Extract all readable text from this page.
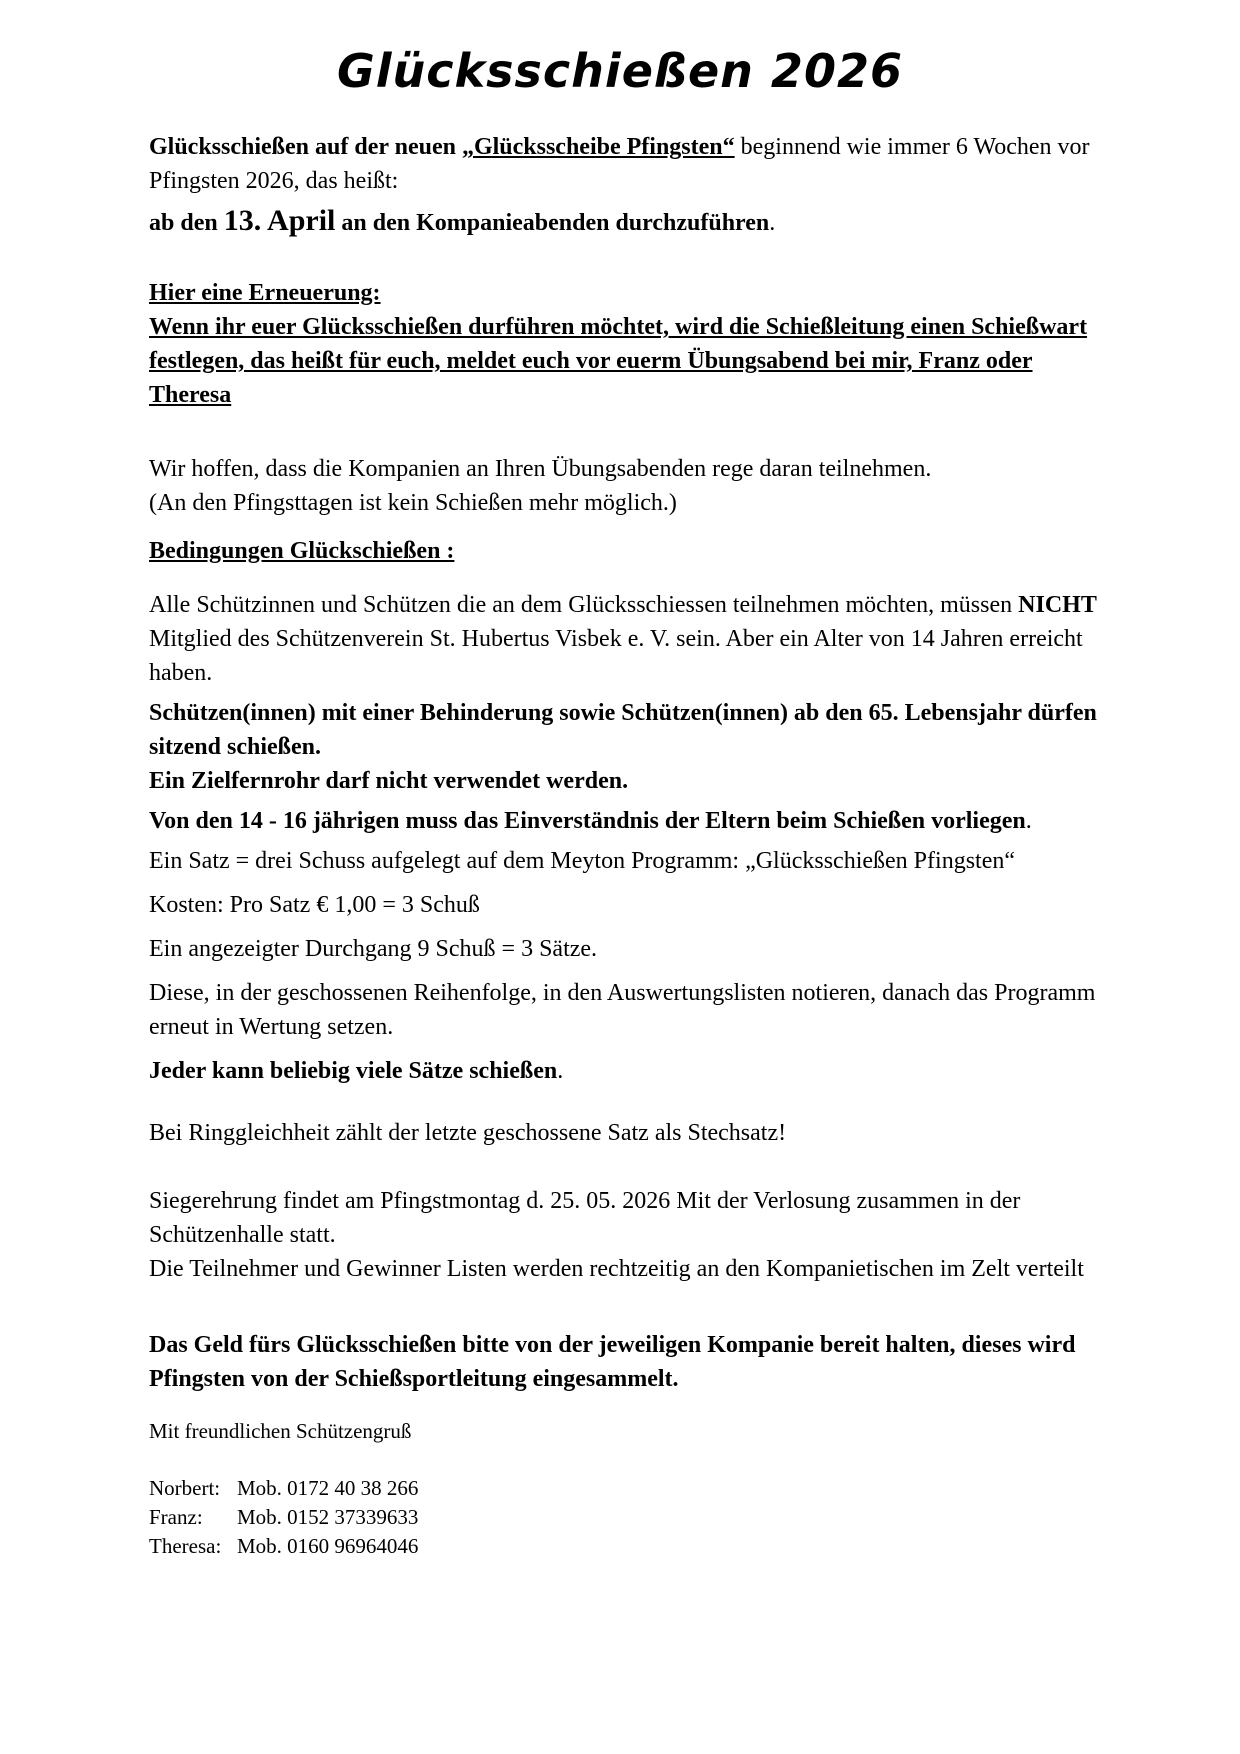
Glücksschießen 2026

Glücksschießen auf der neuen „Glücksscheibe Pfingsten“ beginnend wie immer 6 Wochen vor Pfingsten 2026, das heißt:

ab den 13. April an den Kompanieabenden durchzuführen.

Hier eine Erneuerung:

Wenn ihr euer Glücksschießen durführen möchtet, wird die Schießleitung einen Schießwart festlegen, das heißt für euch, meldet euch vor euerm Übungsabend bei mir, Franz oder Theresa

Wir hoffen, dass die Kompanien an Ihren Übungsabenden rege daran teilnehmen.

(An den Pfingsttagen ist kein Schießen mehr möglich.)

Bedingungen Glückschießen :

Alle Schützinnen und Schützen die an dem Glücksschiessen teilnehmen möchten, müssen NICHT Mitglied des Schützenverein St. Hubertus Visbek e. V. sein. Aber ein Alter von 14 Jahren erreicht haben.

Schützen(innen) mit einer Behinderung sowie Schützen(innen) ab den 65. Lebensjahr dürfen sitzend schießen.

Ein Zielfernrohr darf nicht verwendet werden.

Von den 14 - 16 jährigen muss das Einverständnis der Eltern beim Schießen vorliegen.

Ein Satz = drei Schuss aufgelegt auf dem Meyton Programm: „Glücksschießen Pfingsten“

Kosten: Pro Satz € 1,00 = 3 Schuß

Ein angezeigter Durchgang 9 Schuß = 3 Sätze.

Diese, in der geschossenen Reihenfolge, in den Auswertungslisten notieren, danach das Programm erneut in Wertung setzen.

Jeder kann beliebig viele Sätze schießen.

Bei Ringgleichheit zählt der letzte geschossene Satz als Stechsatz!

Siegerehrung findet am Pfingstmontag d. 25. 05. 2026 Mit der Verlosung zusammen in der Schützenhalle statt.

Die Teilnehmer und Gewinner Listen werden rechtzeitig an den Kompanietischen im Zelt verteilt

Das Geld fürs Glücksschießen bitte von der jeweiligen Kompanie bereit halten, dieses wird Pfingsten von der Schießsportleitung eingesammelt.

Mit freundlichen Schützengruß

Norbert: Mob. 0172 40 38 266
Franz: Mob. 0152 37339633
Theresa: Mob. 0160 96964046
